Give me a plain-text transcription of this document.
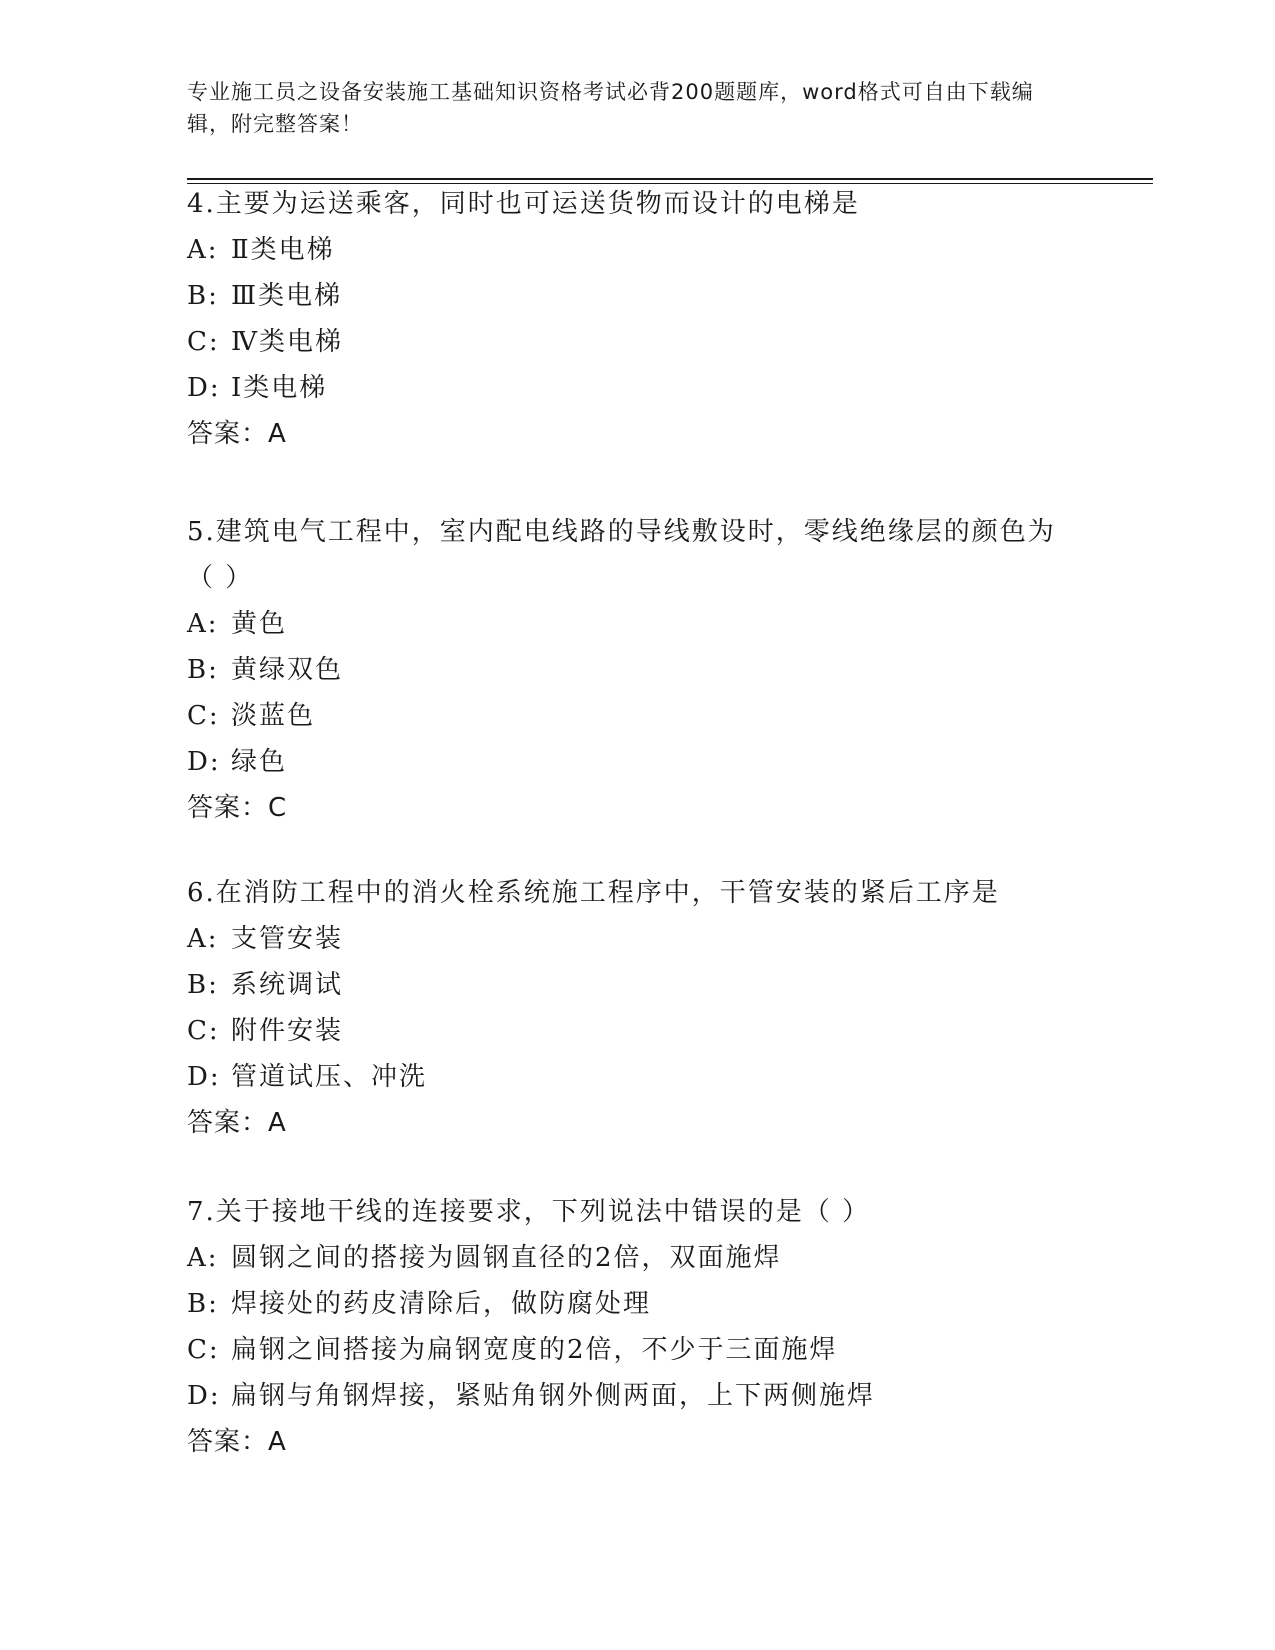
专业施工员之设备安装施工基础知识资格考试必背200题题库，word格式可自由下载编辑，附完整答案！

4.主要为运送乘客，同时也可运送货物而设计的电梯是

A: Ⅱ类电梯

B: Ⅲ类电梯

C: Ⅳ类电梯

D: Ⅰ类电梯

答案：A

5.建筑电气工程中，室内配电线路的导线敷设时，零线绝缘层的颜色为（ ）

A: 黄色

B: 黄绿双色

C: 淡蓝色

D: 绿色

答案：C

6.在消防工程中的消火栓系统施工程序中，干管安装的紧后工序是

A: 支管安装

B: 系统调试

C: 附件安装

D: 管道试压、冲洗

答案：A

7.关于接地干线的连接要求，下列说法中错误的是（ ）

A: 圆钢之间的搭接为圆钢直径的2倍，双面施焊

B: 焊接处的药皮清除后，做防腐处理

C: 扁钢之间搭接为扁钢宽度的2倍，不少于三面施焊

D: 扁钢与角钢焊接，紧贴角钢外侧两面，上下两侧施焊

答案：A
